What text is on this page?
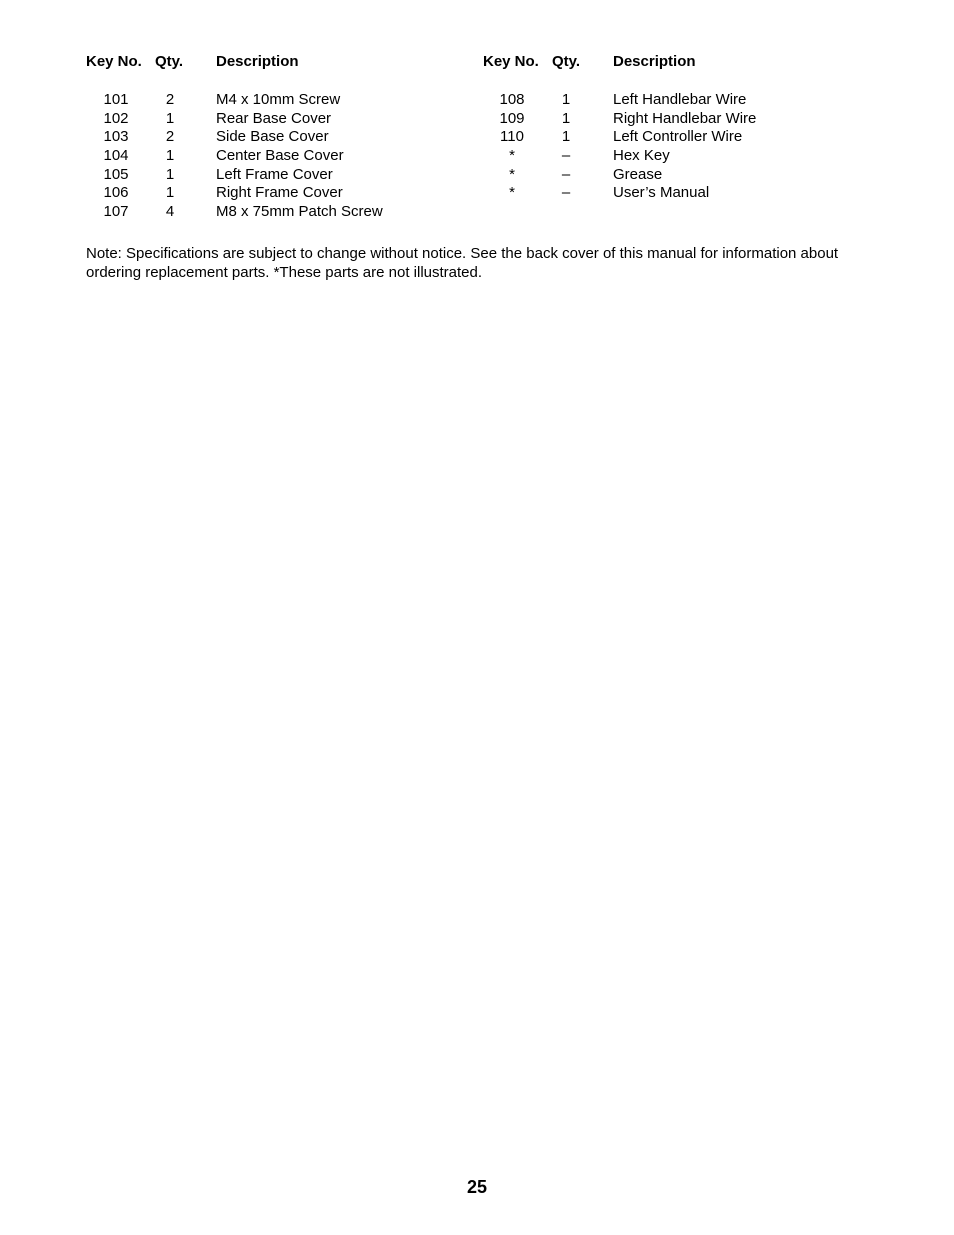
Key No. Qty. Description
101	2	M4 x 10mm Screw
102	1	Rear Base Cover
103	2	Side Base Cover
104	1	Center Base Cover
105	1	Left Frame Cover
106	1	Right Frame Cover
107	4	M8 x 75mm Patch Screw
Key No. Qty. Description
108	1	Left Handlebar Wire
109	1	Right Handlebar Wire
110	1	Left Controller Wire
*	–	Hex Key
*	–	Grease
*	–	User’s Manual
Note: Specifications are subject to change without notice. See the back cover of this manual for information about ordering replacement parts. *These parts are not illustrated.
25
